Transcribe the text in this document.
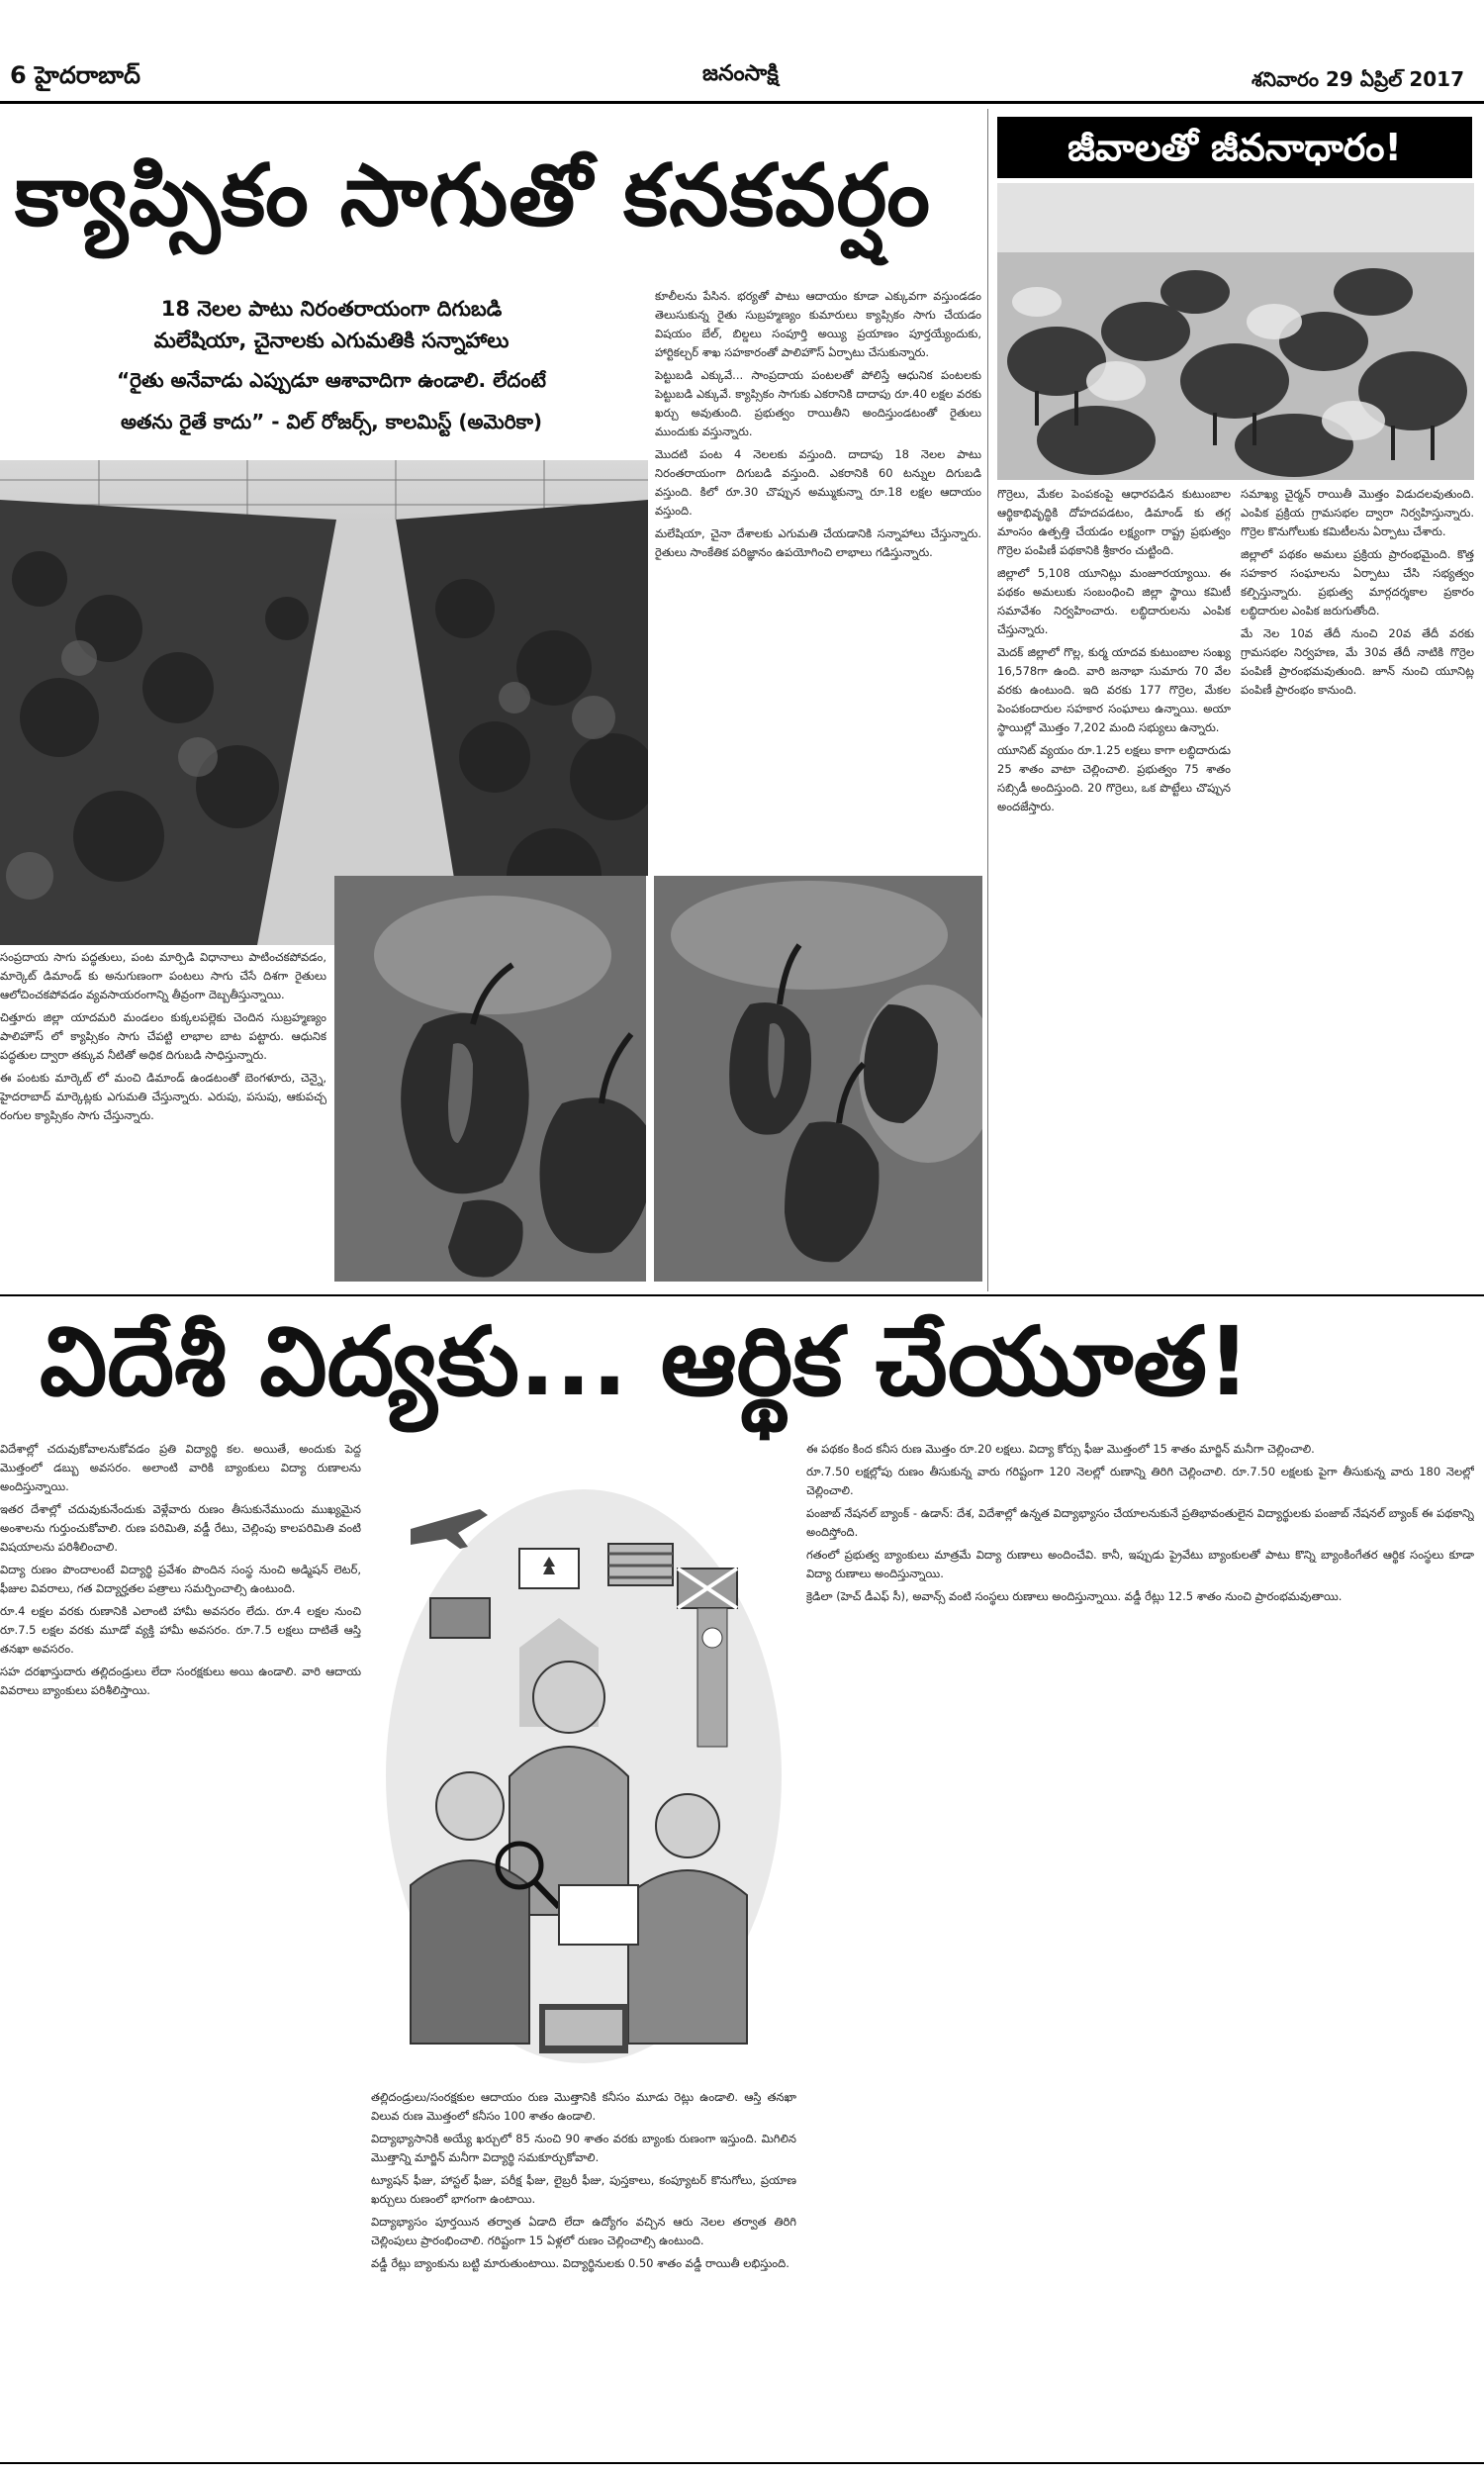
6 హైదరాబాద్	జనంసాక్షి	శనివారం 29 ఏప్రిల్ 2017
క్యాప్సికం సాగుతో కనకవర్షం
18 నెలల పాటు నిరంతరాయంగా దిగుబడి
మలేషియా, చైనాలకు ఎగుమతికి సన్నాహాలు
“రైతు అనేవాడు ఎప్పుడూ ఆశావాదిగా ఉండాలి. లేదంటే
అతను రైతే కాదు” - విల్ రోజర్స్, కాలమిస్ట్ (అమెరికా)

కూలీలను పేసిన. భర్యతో పాటు ఆదాయం కూడా ఎక్కువగా వస్తుండడం తెలుసుకున్న రైతు సుబ్రహ్మణ్యం కుమారులు క్యాప్సికం సాగు చేయడం విషయం బేల్, బిల్డలు సంపూర్తి అయ్యి ప్రయాణం పూర్తయ్యేందుకు, హార్టికల్చర్ శాఖ సహకారంతో పాలిహౌస్ ఏర్పాటు చేసుకున్నారు.

పెట్టుబడి ఎక్కువే... సాంప్రదాయ పంటలతో పోలిస్తే ఆధునిక పంటలకు పెట్టుబడి ఎక్కువే. క్యాప్సికం సాగుకు ఎకరానికి దాదాపు రూ.40 లక్షల వరకు ఖర్చు అవుతుంది. ప్రభుత్వం రాయితీని అందిస్తుండటంతో రైతులు ముందుకు వస్తున్నారు.

మొదటి పంట 4 నెలలకు వస్తుంది. దాదాపు 18 నెలల పాటు నిరంతరాయంగా దిగుబడి వస్తుంది. ఎకరానికి 60 టన్నుల దిగుబడి వస్తుంది. కిలో రూ.30 చొప్పున అమ్ముకున్నా రూ.18 లక్షల ఆదాయం వస్తుంది.

మలేషియా, చైనా దేశాలకు ఎగుమతి చేయడానికి సన్నాహాలు చేస్తున్నారు. రైతులు సాంకేతిక పరిజ్ఞానం ఉపయోగించి లాభాలు గడిస్తున్నారు.

సంప్రదాయ సాగు పద్ధతులు, పంట మార్పిడి విధానాలు పాటించకపోవడం, మార్కెట్ డిమాండ్ కు అనుగుణంగా పంటలు సాగు చేసే దిశగా రైతులు ఆలోచించకపోవడం వ్యవసాయరంగాన్ని తీవ్రంగా దెబ్బతీస్తున్నాయి.

చిత్తూరు జిల్లా యాదమరి మండలం కుక్కలపల్లెకు చెందిన సుబ్రహ్మణ్యం పాలిహౌస్ లో క్యాప్సికం సాగు చేపట్టి లాభాల బాట పట్టారు. ఆధునిక పద్ధతుల ద్వారా తక్కువ నీటితో అధిక దిగుబడి సాధిస్తున్నారు.

ఈ పంటకు మార్కెట్ లో మంచి డిమాండ్ ఉండటంతో బెంగళూరు, చెన్నై, హైదరాబాద్ మార్కెట్లకు ఎగుమతి చేస్తున్నారు. ఎరుపు, పసుపు, ఆకుపచ్చ రంగుల క్యాప్సికం సాగు చేస్తున్నారు.

జీవాలతో జీవనాధారం!

గొర్రెలు, మేకల పెంపకంపై ఆధారపడిన కుటుంబాల ఆర్థికాభివృద్ధికి దోహదపడటం, డిమాండ్ కు తగ్గ మాంసం ఉత్పత్తి చేయడం లక్ష్యంగా రాష్ట్ర ప్రభుత్వం గొర్రెల పంపిణీ పథకానికి శ్రీకారం చుట్టింది.

జిల్లాలో 5,108 యూనిట్లు మంజూరయ్యాయి. ఈ పథకం అమలుకు సంబంధించి జిల్లా స్థాయి కమిటీ సమావేశం నిర్వహించారు. లబ్ధిదారులను ఎంపిక చేస్తున్నారు.

మెదక్ జిల్లాలో గొల్ల, కుర్మ యాదవ కుటుంబాల సంఖ్య 16,578గా ఉంది. వారి జనాభా సుమారు 70 వేల వరకు ఉంటుంది. ఇది వరకు 177 గొర్రెల, మేకల పెంపకందారుల సహకార సంఘాలు ఉన్నాయి. అయా స్థాయిల్లో మొత్తం 7,202 మంది సభ్యులు ఉన్నారు.

యూనిట్ వ్యయం రూ.1.25 లక్షలు కాగా లబ్ధిదారుడు 25 శాతం వాటా చెల్లించాలి. ప్రభుత్వం 75 శాతం సబ్సిడీ అందిస్తుంది. 20 గొర్రెలు, ఒక పొట్టేలు చొప్పున అందజేస్తారు.

సమాఖ్య చైర్మన్ రాయితీ మొత్తం విడుదలవుతుంది. ఎంపిక ప్రక్రియ గ్రామసభల ద్వారా నిర్వహిస్తున్నారు. గొర్రెల కొనుగోలుకు కమిటీలను ఏర్పాటు చేశారు.

జిల్లాలో పథకం అమలు ప్రక్రియ ప్రారంభమైంది. కొత్త సహకార సంఘాలను ఏర్పాటు చేసి సభ్యత్వం కల్పిస్తున్నారు. ప్రభుత్వ మార్గదర్శకాల ప్రకారం లబ్ధిదారుల ఎంపిక జరుగుతోంది.

మే నెల 10వ తేదీ నుంచి 20వ తేదీ వరకు గ్రామసభల నిర్వహణ, మే 30వ తేదీ నాటికి గొర్రెల పంపిణీ ప్రారంభమవుతుంది. జూన్ నుంచి యూనిట్ల పంపిణీ ప్రారంభం కానుంది.

విదేశీ విద్యకు... ఆర్థిక చేయూత!

విదేశాల్లో చదువుకోవాలనుకోవడం ప్రతి విద్యార్థి కల. అయితే, అందుకు పెద్ద మొత్తంలో డబ్బు అవసరం. అలాంటి వారికి బ్యాంకులు విద్యా రుణాలను అందిస్తున్నాయి.

ఇతర దేశాల్లో చదువుకునేందుకు వెళ్లేవారు రుణం తీసుకునేముందు ముఖ్యమైన అంశాలను గుర్తుంచుకోవాలి. రుణ పరిమితి, వడ్డీ రేటు, చెల్లింపు కాలపరిమితి వంటి విషయాలను పరిశీలించాలి.

విద్యా రుణం పొందాలంటే విద్యార్థి ప్రవేశం పొందిన సంస్థ నుంచి అడ్మిషన్ లెటర్, ఫీజుల వివరాలు, గత విద్యార్హతల పత్రాలు సమర్పించాల్సి ఉంటుంది.

రూ.4 లక్షల వరకు రుణానికి ఎలాంటి హామీ అవసరం లేదు. రూ.4 లక్షల నుంచి రూ.7.5 లక్షల వరకు మూడో వ్యక్తి హామీ అవసరం. రూ.7.5 లక్షలు దాటితే ఆస్తి తనఖా అవసరం.

సహ దరఖాస్తుదారు తల్లిదండ్రులు లేదా సంరక్షకులు అయి ఉండాలి. వారి ఆదాయ వివరాలు బ్యాంకులు పరిశీలిస్తాయి.

తల్లిదండ్రులు/సంరక్షకుల ఆదాయం రుణ మొత్తానికి కనీసం మూడు రెట్లు ఉండాలి. ఆస్తి తనఖా విలువ రుణ మొత్తంలో కనీసం 100 శాతం ఉండాలి.

విద్యాభ్యాసానికి అయ్యే ఖర్చులో 85 నుంచి 90 శాతం వరకు బ్యాంకు రుణంగా ఇస్తుంది. మిగిలిన మొత్తాన్ని మార్జిన్ మనీగా విద్యార్థి సమకూర్చుకోవాలి.

ట్యూషన్ ఫీజు, హాస్టల్ ఫీజు, పరీక్ష ఫీజు, లైబ్రరీ ఫీజు, పుస్తకాలు, కంప్యూటర్ కొనుగోలు, ప్రయాణ ఖర్చులు రుణంలో భాగంగా ఉంటాయి.

విద్యాభ్యాసం పూర్తయిన తర్వాత ఏడాది లేదా ఉద్యోగం వచ్చిన ఆరు నెలల తర్వాత తిరిగి చెల్లింపులు ప్రారంభించాలి. గరిష్టంగా 15 ఏళ్లలో రుణం చెల్లించాల్సి ఉంటుంది.

వడ్డీ రేట్లు బ్యాంకును బట్టి మారుతుంటాయి. విద్యార్థినులకు 0.50 శాతం వడ్డీ రాయితీ లభిస్తుంది.

ఈ పథకం కింద కనీస రుణ మొత్తం రూ.20 లక్షలు. విద్యా కోర్సు ఫీజు మొత్తంలో 15 శాతం మార్జిన్ మనీగా చెల్లించాలి.

రూ.7.50 లక్షల్లోపు రుణం తీసుకున్న వారు గరిష్టంగా 120 నెలల్లో రుణాన్ని తిరిగి చెల్లించాలి. రూ.7.50 లక్షలకు పైగా తీసుకున్న వారు 180 నెలల్లో చెల్లించాలి.

పంజాబ్ నేషనల్ బ్యాంక్ - ఉడాన్: దేశ, విదేశాల్లో ఉన్నత విద్యాభ్యాసం చేయాలనుకునే ప్రతిభావంతులైన విద్యార్థులకు పంజాబ్ నేషనల్ బ్యాంక్ ఈ పథకాన్ని అందిస్తోంది.

గతంలో ప్రభుత్వ బ్యాంకులు మాత్రమే విద్యా రుణాలు అందించేవి. కానీ, ఇప్పుడు ప్రైవేటు బ్యాంకులతో పాటు కొన్ని బ్యాంకింగేతర ఆర్థిక సంస్థలు కూడా విద్యా రుణాలు అందిస్తున్నాయి.

క్రెడిలా (హెచ్ డీఎఫ్ సీ), అవాన్స్ వంటి సంస్థలు రుణాలు అందిస్తున్నాయి. వడ్డీ రేట్లు 12.5 శాతం నుంచి ప్రారంభమవుతాయి.
